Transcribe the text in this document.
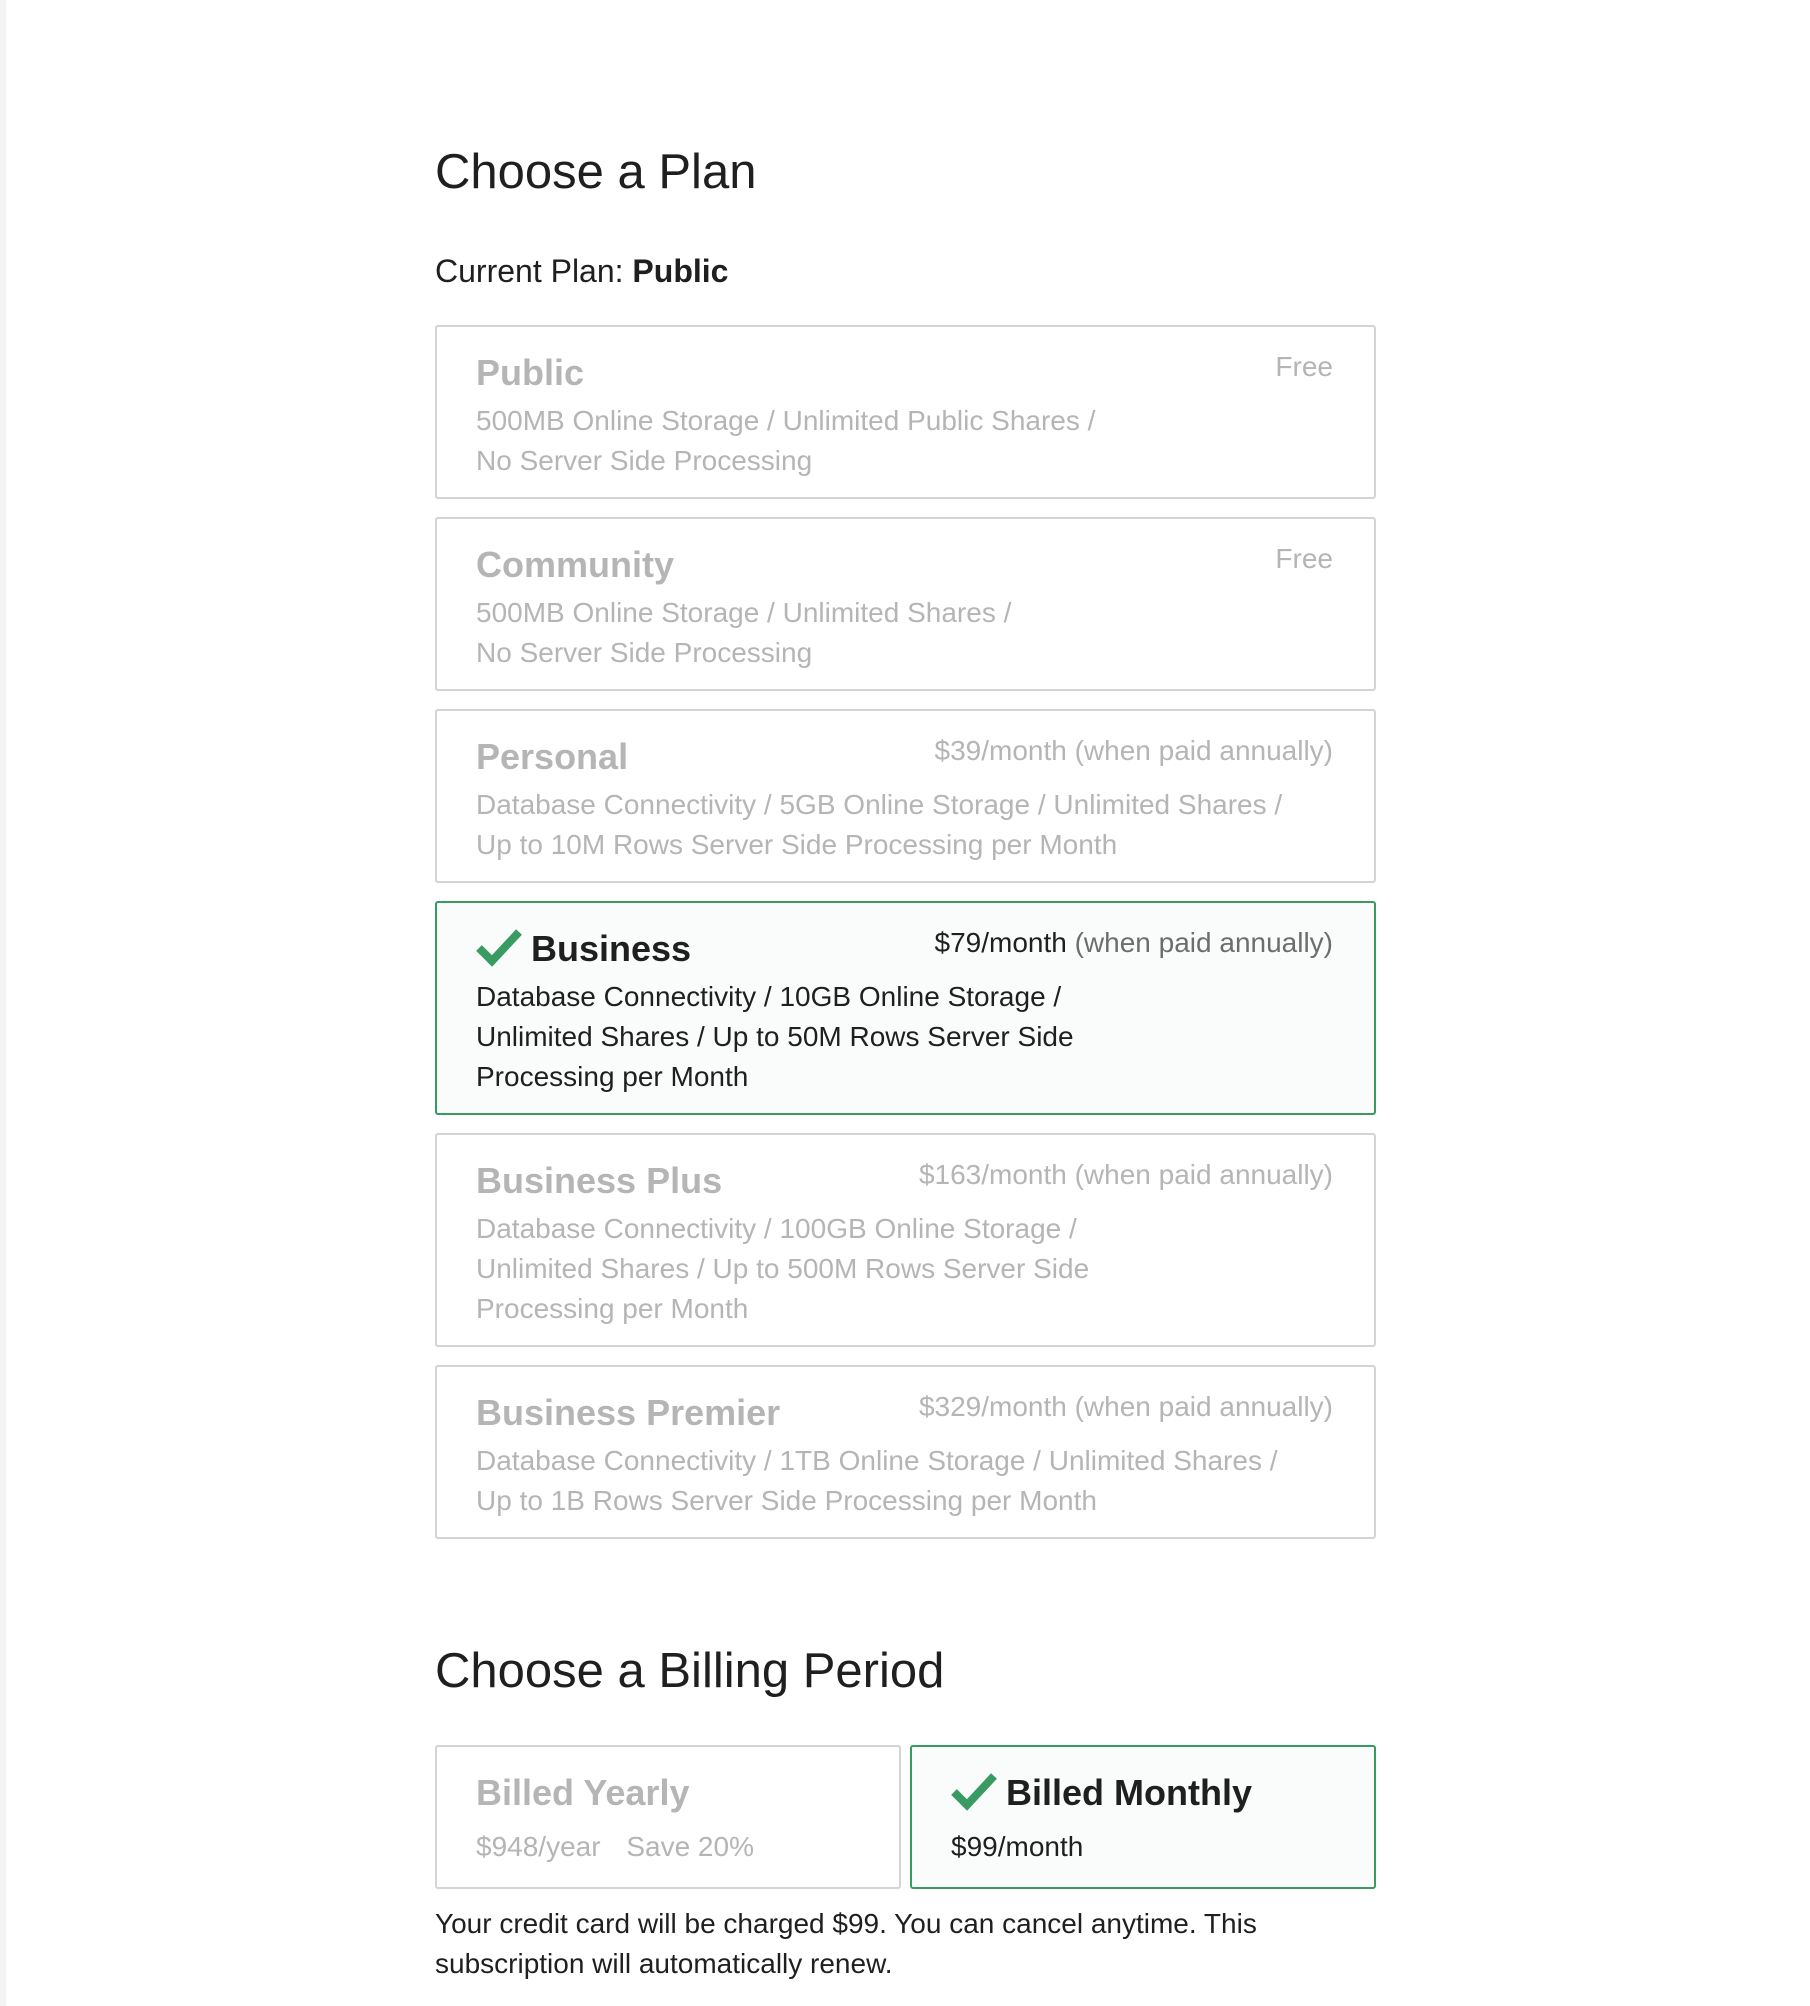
Choose a Plan
Current Plan: Public
Public	Free
500MB Online Storage / Unlimited Public Shares /
No Server Side Processing
Community	Free
500MB Online Storage / Unlimited Shares /
No Server Side Processing
Personal	$39/month (when paid annually)
Database Connectivity / 5GB Online Storage / Unlimited Shares /
Up to 10M Rows Server Side Processing per Month
Business	$79/month (when paid annually)
Database Connectivity / 10GB Online Storage /
Unlimited Shares / Up to 50M Rows Server Side
Processing per Month
Business Plus	$163/month (when paid annually)
Database Connectivity / 100GB Online Storage /
Unlimited Shares / Up to 500M Rows Server Side
Processing per Month
Business Premier	$329/month (when paid annually)
Database Connectivity / 1TB Online Storage / Unlimited Shares /
Up to 1B Rows Server Side Processing per Month
Choose a Billing Period
Billed Yearly
$948/year Save 20%
Billed Monthly
$99/month
Your credit card will be charged $99. You can cancel anytime. This subscription will automatically renew.
